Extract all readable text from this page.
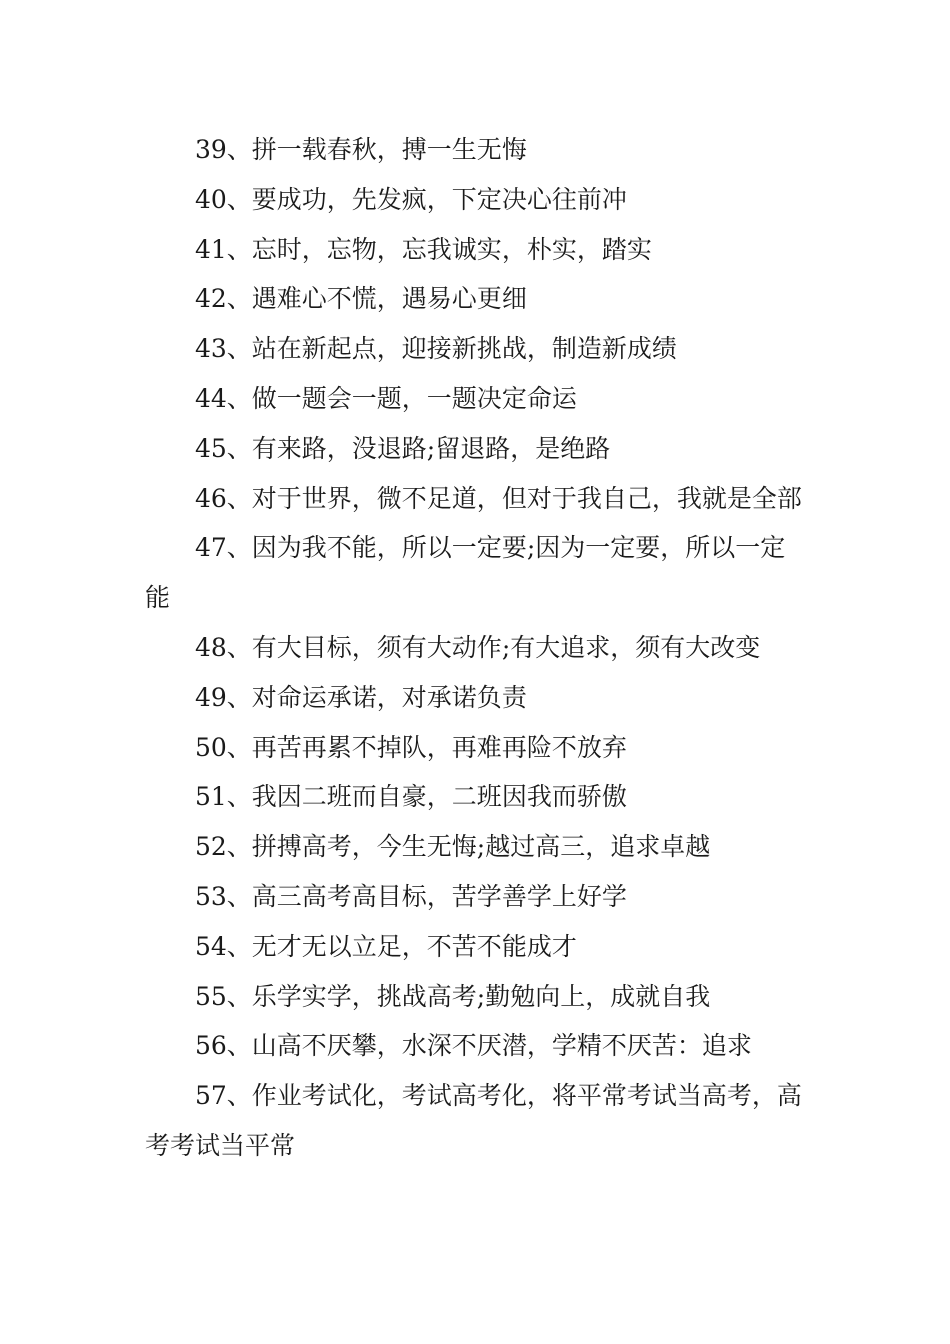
39、拼一载春秋，搏一生无悔

40、要成功，先发疯，下定决心往前冲

41、忘时，忘物，忘我诚实，朴实，踏实

42、遇难心不慌，遇易心更细

43、站在新起点，迎接新挑战，制造新成绩

44、做一题会一题，一题决定命运

45、有来路，没退路;留退路，是绝路

46、对于世界，微不足道，但对于我自己，我就是全部

47、因为我不能，所以一定要;因为一定要，所以一定能

48、有大目标，须有大动作;有大追求，须有大改变

49、对命运承诺，对承诺负责

50、再苦再累不掉队，再难再险不放弃

51、我因二班而自豪，二班因我而骄傲

52、拼搏高考，今生无悔;越过高三，追求卓越

53、高三高考高目标，苦学善学上好学

54、无才无以立足，不苦不能成才

55、乐学实学，挑战高考;勤勉向上，成就自我

56、山高不厌攀，水深不厌潜，学精不厌苦：追求

57、作业考试化，考试高考化，将平常考试当高考，高考考试当平常
